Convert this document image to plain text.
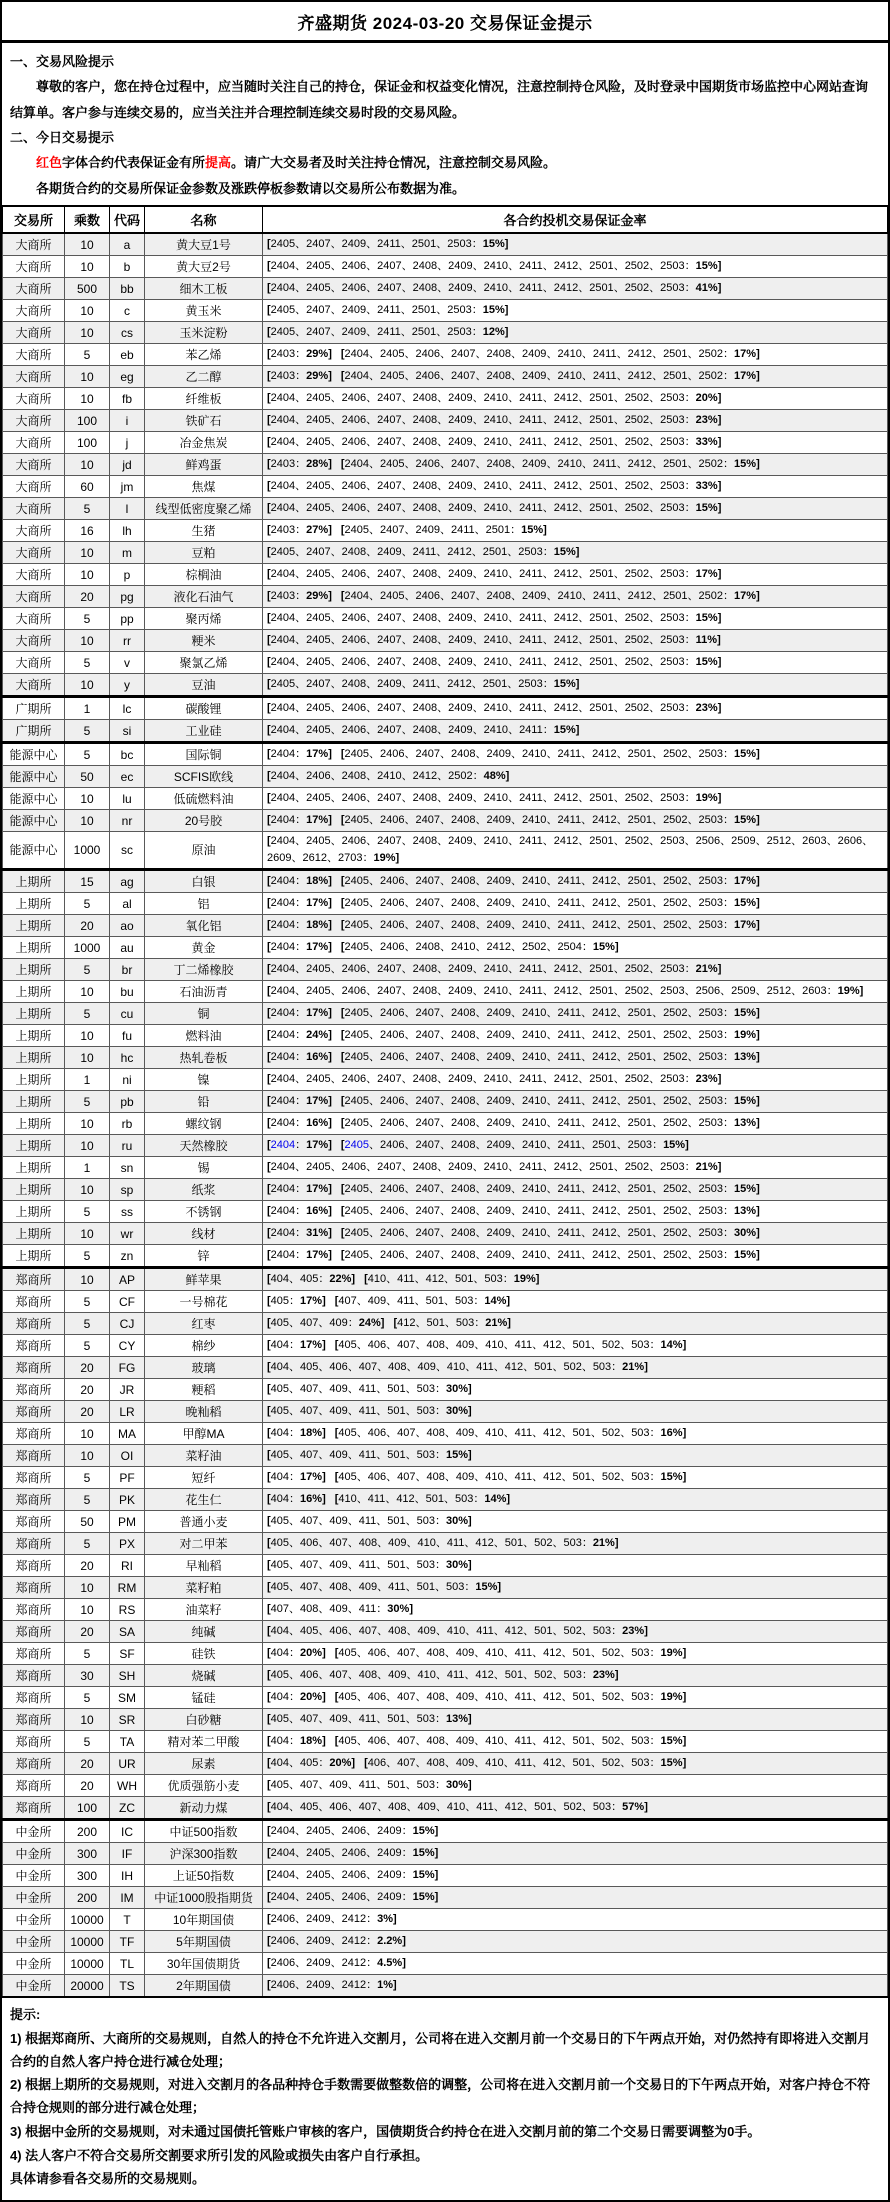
齐盛期货 2024-03-20 交易保证金提示
一、交易风险提示
尊敬的客户，您在持仓过程中，应当随时关注自己的持仓，保证金和权益变化情况，注意控制持仓风险，及时登录中国期货市场监控中心网站查询结算单。客户参与连续交易的，应当关注并合理控制连续交易时段的交易风险。
二、今日交易提示
红色字体合约代表保证金有所提高。请广大交易者及时关注持仓情况，注意控制交易风险。
各期货合约的交易所保证金参数及涨跌停板参数请以交易所公布数据为准。
交易所	乘数	代码	名称	各合约投机交易保证金率
大商所	10	a	黄大豆1号	[2405、2407、2409、2411、2501、2503：15%]
大商所	10	b	黄大豆2号	[2404、2405、2406、2407、2408、2409、2410、2411、2412、2501、2502、2503：15%]
大商所	500	bb	细木工板	[2404、2405、2406、2407、2408、2409、2410、2411、2412、2501、2502、2503：41%]
大商所	10	c	黄玉米	[2405、2407、2409、2411、2501、2503：15%]
大商所	10	cs	玉米淀粉	[2405、2407、2409、2411、2501、2503：12%]
大商所	5	eb	苯乙烯	[2403：29%] [2404、2405、2406、2407、2408、2409、2410、2411、2412、2501、2502：17%]
大商所	10	eg	乙二醇	[2403：29%] [2404、2405、2406、2407、2408、2409、2410、2411、2412、2501、2502：17%]
大商所	10	fb	纤维板	[2404、2405、2406、2407、2408、2409、2410、2411、2412、2501、2502、2503：20%]
大商所	100	i	铁矿石	[2404、2405、2406、2407、2408、2409、2410、2411、2412、2501、2502、2503：23%]
大商所	100	j	冶金焦炭	[2404、2405、2406、2407、2408、2409、2410、2411、2412、2501、2502、2503：33%]
大商所	10	jd	鲜鸡蛋	[2403：28%] [2404、2405、2406、2407、2408、2409、2410、2411、2412、2501、2502：15%]
大商所	60	jm	焦煤	[2404、2405、2406、2407、2408、2409、2410、2411、2412、2501、2502、2503：33%]
大商所	5	l	线型低密度聚乙烯	[2404、2405、2406、2407、2408、2409、2410、2411、2412、2501、2502、2503：15%]
大商所	16	lh	生猪	[2403：27%] [2405、2407、2409、2411、2501：15%]
大商所	10	m	豆粕	[2405、2407、2408、2409、2411、2412、2501、2503：15%]
大商所	10	p	棕榈油	[2404、2405、2406、2407、2408、2409、2410、2411、2412、2501、2502、2503：17%]
大商所	20	pg	液化石油气	[2403：29%] [2404、2405、2406、2407、2408、2409、2410、2411、2412、2501、2502：17%]
大商所	5	pp	聚丙烯	[2404、2405、2406、2407、2408、2409、2410、2411、2412、2501、2502、2503：15%]
大商所	10	rr	粳米	[2404、2405、2406、2407、2408、2409、2410、2411、2412、2501、2502、2503：11%]
大商所	5	v	聚氯乙烯	[2404、2405、2406、2407、2408、2409、2410、2411、2412、2501、2502、2503：15%]
大商所	10	y	豆油	[2405、2407、2408、2409、2411、2412、2501、2503：15%]
广期所	1	lc	碳酸锂	[2404、2405、2406、2407、2408、2409、2410、2411、2412、2501、2502、2503：23%]
广期所	5	si	工业硅	[2404、2405、2406、2407、2408、2409、2410、2411：15%]
能源中心	5	bc	国际铜	[2404：17%] [2405、2406、2407、2408、2409、2410、2411、2412、2501、2502、2503：15%]
能源中心	50	ec	SCFIS欧线	[2404、2406、2408、2410、2412、2502：48%]
能源中心	10	lu	低硫燃料油	[2404、2405、2406、2407、2408、2409、2410、2411、2412、2501、2502、2503：19%]
能源中心	10	nr	20号胶	[2404：17%] [2405、2406、2407、2408、2409、2410、2411、2412、2501、2502、2503：15%]
能源中心	1000	sc	原油	[2404、2405、2406、2407、2408、2409、2410、2411、2412、2501、2502、2503、2506、2509、2512、2603、2606、2609、2612、2703：19%]
上期所	15	ag	白银	[2404：18%] [2405、2406、2407、2408、2409、2410、2411、2412、2501、2502、2503：17%]
上期所	5	al	铝	[2404：17%] [2405、2406、2407、2408、2409、2410、2411、2412、2501、2502、2503：15%]
上期所	20	ao	氧化铝	[2404：18%] [2405、2406、2407、2408、2409、2410、2411、2412、2501、2502、2503：17%]
上期所	1000	au	黄金	[2404：17%] [2405、2406、2408、2410、2412、2502、2504：15%]
上期所	5	br	丁二烯橡胶	[2404、2405、2406、2407、2408、2409、2410、2411、2412、2501、2502、2503：21%]
上期所	10	bu	石油沥青	[2404、2405、2406、2407、2408、2409、2410、2411、2412、2501、2502、2503、2506、2509、2512、2603：19%]
上期所	5	cu	铜	[2404：17%] [2405、2406、2407、2408、2409、2410、2411、2412、2501、2502、2503：15%]
上期所	10	fu	燃料油	[2404：24%] [2405、2406、2407、2408、2409、2410、2411、2412、2501、2502、2503：19%]
上期所	10	hc	热轧卷板	[2404：16%] [2405、2406、2407、2408、2409、2410、2411、2412、2501、2502、2503：13%]
上期所	1	ni	镍	[2404、2405、2406、2407、2408、2409、2410、2411、2412、2501、2502、2503：23%]
上期所	5	pb	铅	[2404：17%] [2405、2406、2407、2408、2409、2410、2411、2412、2501、2502、2503：15%]
上期所	10	rb	螺纹钢	[2404：16%] [2405、2406、2407、2408、2409、2410、2411、2412、2501、2502、2503：13%]
上期所	10	ru	天然橡胶	[2404：17%] [2405、2406、2407、2408、2409、2410、2411、2501、2503：15%]
上期所	1	sn	锡	[2404、2405、2406、2407、2408、2409、2410、2411、2412、2501、2502、2503：21%]
上期所	10	sp	纸浆	[2404：17%] [2405、2406、2407、2408、2409、2410、2411、2412、2501、2502、2503：15%]
上期所	5	ss	不锈钢	[2404：16%] [2405、2406、2407、2408、2409、2410、2411、2412、2501、2502、2503：13%]
上期所	10	wr	线材	[2404：31%] [2405、2406、2407、2408、2409、2410、2411、2412、2501、2502、2503：30%]
上期所	5	zn	锌	[2404：17%] [2405、2406、2407、2408、2409、2410、2411、2412、2501、2502、2503：15%]
郑商所	10	AP	鲜苹果	[404、405：22%] [410、411、412、501、503：19%]
郑商所	5	CF	一号棉花	[405：17%] [407、409、411、501、503：14%]
郑商所	5	CJ	红枣	[405、407、409：24%] [412、501、503：21%]
郑商所	5	CY	棉纱	[404：17%] [405、406、407、408、409、410、411、412、501、502、503：14%]
郑商所	20	FG	玻璃	[404、405、406、407、408、409、410、411、412、501、502、503：21%]
郑商所	20	JR	粳稻	[405、407、409、411、501、503：30%]
郑商所	20	LR	晚籼稻	[405、407、409、411、501、503：30%]
郑商所	10	MA	甲醇MA	[404：18%] [405、406、407、408、409、410、411、412、501、502、503：16%]
郑商所	10	OI	菜籽油	[405、407、409、411、501、503：15%]
郑商所	5	PF	短纤	[404：17%] [405、406、407、408、409、410、411、412、501、502、503：15%]
郑商所	5	PK	花生仁	[404：16%] [410、411、412、501、503：14%]
郑商所	50	PM	普通小麦	[405、407、409、411、501、503：30%]
郑商所	5	PX	对二甲苯	[405、406、407、408、409、410、411、412、501、502、503：21%]
郑商所	20	RI	早籼稻	[405、407、409、411、501、503：30%]
郑商所	10	RM	菜籽粕	[405、407、408、409、411、501、503：15%]
郑商所	10	RS	油菜籽	[407、408、409、411：30%]
郑商所	20	SA	纯碱	[404、405、406、407、408、409、410、411、412、501、502、503：23%]
郑商所	5	SF	硅铁	[404：20%] [405、406、407、408、409、410、411、412、501、502、503：19%]
郑商所	30	SH	烧碱	[405、406、407、408、409、410、411、412、501、502、503：23%]
郑商所	5	SM	锰硅	[404：20%] [405、406、407、408、409、410、411、412、501、502、503：19%]
郑商所	10	SR	白砂糖	[405、407、409、411、501、503：13%]
郑商所	5	TA	精对苯二甲酸	[404：18%] [405、406、407、408、409、410、411、412、501、502、503：15%]
郑商所	20	UR	尿素	[404、405：20%] [406、407、408、409、410、411、412、501、502、503：15%]
郑商所	20	WH	优质强筋小麦	[405、407、409、411、501、503：30%]
郑商所	100	ZC	新动力煤	[404、405、406、407、408、409、410、411、412、501、502、503：57%]
中金所	200	IC	中证500指数	[2404、2405、2406、2409：15%]
中金所	300	IF	沪深300指数	[2404、2405、2406、2409：15%]
中金所	300	IH	上证50指数	[2404、2405、2406、2409：15%]
中金所	200	IM	中证1000股指期货	[2404、2405、2406、2409：15%]
中金所	10000	T	10年期国债	[2406、2409、2412：3%]
中金所	10000	TF	5年期国债	[2406、2409、2412：2.2%]
中金所	10000	TL	30年国债期货	[2406、2409、2412：4.5%]
中金所	20000	TS	2年期国债	[2406、2409、2412：1%]
提示:
1) 根据郑商所、大商所的交易规则，自然人的持仓不允许进入交割月，公司将在进入交割月前一个交易日的下午两点开始，对仍然持有即将进入交割月合约的自然人客户持仓进行减仓处理；
2) 根据上期所的交易规则，对进入交割月的各品种持仓手数需要做整数倍的调整，公司将在进入交割月前一个交易日的下午两点开始，对客户持仓不符合持仓规则的部分进行减仓处理；
3) 根据中金所的交易规则，对未通过国债托管账户审核的客户，国债期货合约持仓在进入交割月前的第二个交易日需要调整为0手。
4) 法人客户不符合交易所交割要求所引发的风险或损失由客户自行承担。
具体请参看各交易所的交易规则。
